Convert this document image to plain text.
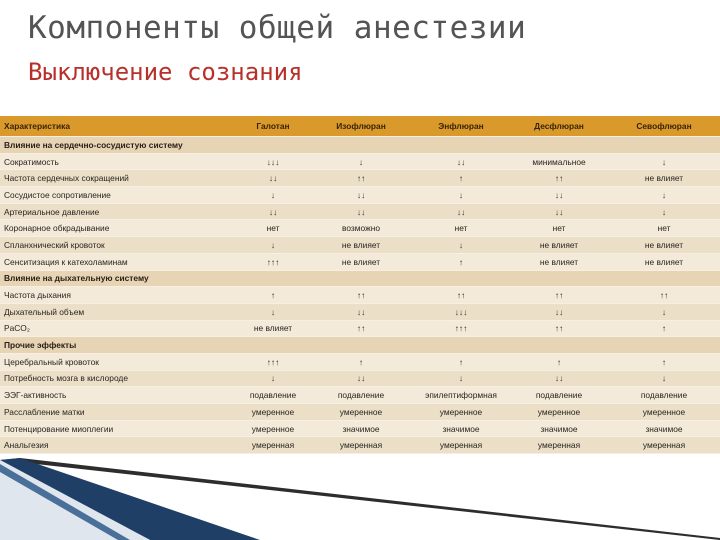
Компоненты общей анестезии
Выключение сознания
Характеристика	Галотан	Изофлюран	Энфлюран	Десфлюран	Севофлюран
Влияние на сердечно-сосудистую систему					
Сократимость	↓↓↓	↓	↓↓	минимальное	↓
Частота сердечных сокращений	↓↓	↑↑	↑	↑↑	не влияет
Сосудистое сопротивление	↓	↓↓	↓	↓↓	↓
Артериальное давление	↓↓	↓↓	↓↓	↓↓	↓
Коронарное обкрадывание	нет	возможно	нет	нет	нет
Спланхнический кровоток	↓	не влияет	↓	не влияет	не влияет
Сенситизация к катехоламинам	↑↑↑	не влияет	↑	не влияет	не влияет
Влияние на дыхательную систему					
Частота дыхания	↑	↑↑	↑↑	↑↑	↑↑
Дыхательный объем	↓	↓↓	↓↓↓	↓↓	↓
PaCO₂	не влияет	↑↑	↑↑↑	↑↑	↑
Прочие эффекты					
Церебральный кровоток	↑↑↑	↑	↑	↑	↑
Потребность мозга в кислороде	↓	↓↓	↓	↓↓	↓
ЭЭГ-активность	подавление	подавление	эпилептиформная	подавление	подавление
Расслабление матки	умеренное	умеренное	умеренное	умеренное	умеренное
Потенцирование миоплегии	умеренное	значимое	значимое	значимое	значимое
Анальгезия	умеренная	умеренная	умеренная	умеренная	умеренная
